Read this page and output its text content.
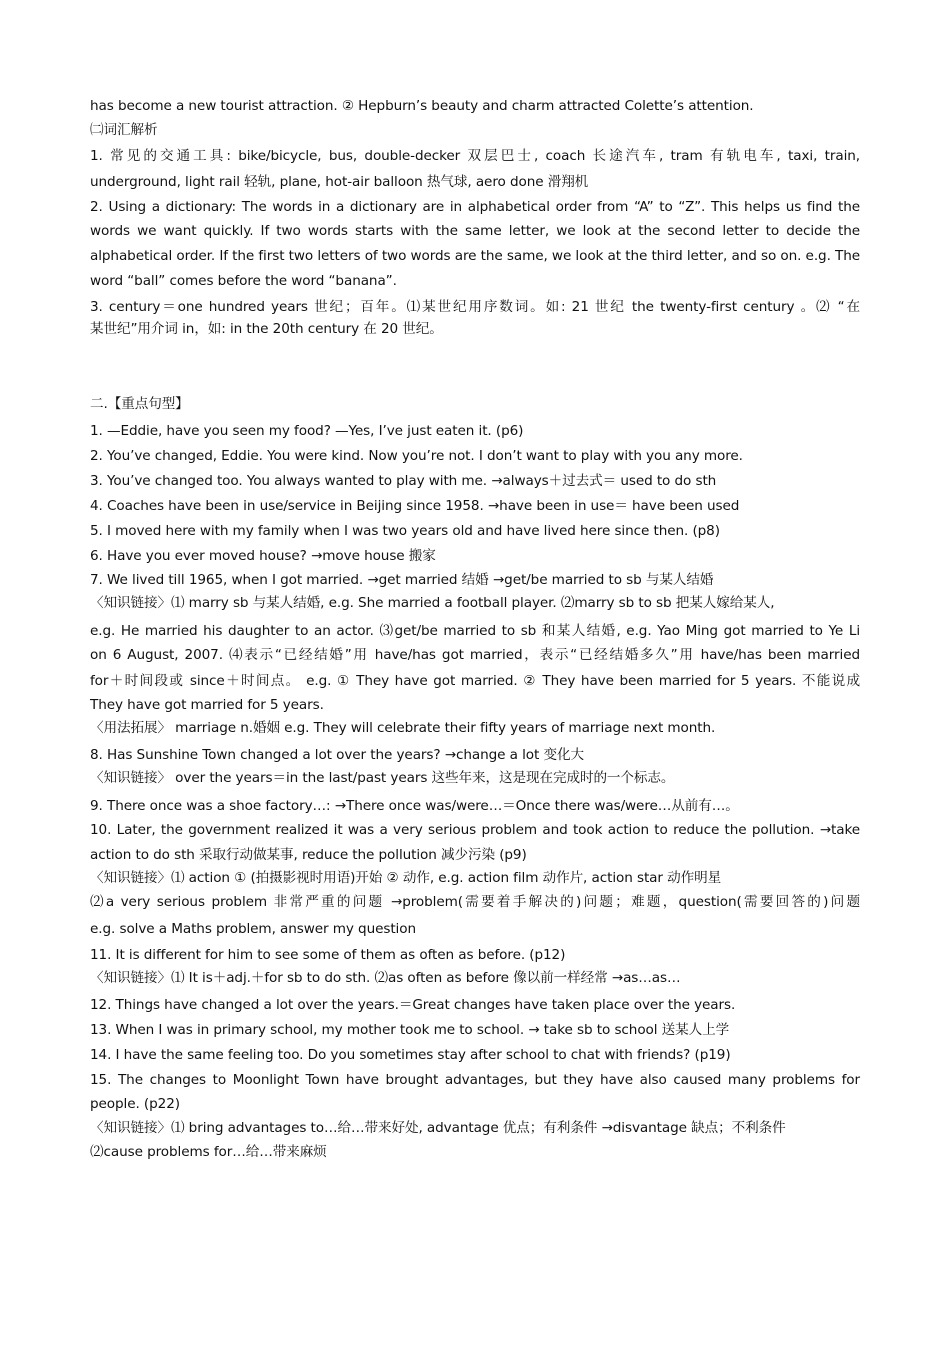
has become a new tourist attraction. ② Hepburn’s beauty and charm attracted Colette’s attention.
㈡词汇解析
1. 常见的交通工具: bike/bicycle, bus, double-decker 双层巴士, coach 长途汽车, tram 有轨电车, taxi, train,
underground, light rail 轻轨, plane, hot-air balloon 热气球, aero done 滑翔机
2. Using a dictionary: The words in a dictionary are in alphabetical order from “A” to “Z”. This helps us find the
words we want quickly. If two words starts with the same letter, we look at the second letter to decide the
alphabetical order. If the first two letters of two words are the same, we look at the third letter, and so on. e.g. The
word “ball” comes before the word “banana”.
3. century＝one hundred years 世纪；百年。⑴某世纪用序数词。如: 21 世纪 the twenty-first century 。⑵ “在
某世纪”用介词 in，如: in the 20th century 在 20 世纪。
二.【重点句型】
1. —Eddie, have you seen my food? —Yes, I’ve just eaten it. (p6)
2. You’ve changed, Eddie. You were kind. Now you’re not. I don’t want to play with you any more.
3. You’ve changed too. You always wanted to play with me. →always＋过去式＝ used to do sth
4. Coaches have been in use/service in Beijing since 1958. →have been in use＝ have been used
5. I moved here with my family when I was two years old and have lived here since then. (p8)
6. Have you ever moved house? →move house 搬家
7. We lived till 1965, when I got married. →get married 结婚 →get/be married to sb 与某人结婚
〈知识链接〉⑴ marry sb 与某人结婚, e.g. She married a football player. ⑵marry sb to sb 把某人嫁给某人,
e.g. He married his daughter to an actor. ⑶get/be married to sb 和某人结婚, e.g. Yao Ming got married to Ye Li
on 6 August, 2007. ⑷表示“已经结婚”用 have/has got married，表示“已经结婚多久”用 have/has been married
for＋时间段或 since＋时间点。 e.g. ① They have got married. ② They have been married for 5 years. 不能说成
They have got married for 5 years.
〈用法拓展〉 marriage n.婚姻 e.g. They will celebrate their fifty years of marriage next month.
8. Has Sunshine Town changed a lot over the years? →change a lot 变化大
〈知识链接〉 over the years＝in the last/past years 这些年来，这是现在完成时的一个标志。
9. There once was a shoe factory…: →There once was/were…＝Once there was/were…从前有…。
10. Later, the government realized it was a very serious problem and took action to reduce the pollution. →take
action to do sth 采取行动做某事, reduce the pollution 减少污染 (p9)
〈知识链接〉⑴ action ① (拍摄影视时用语)开始 ② 动作, e.g. action film 动作片, action star 动作明星
⑵a very serious problem 非常严重的问题 →problem(需要着手解决的)问题；难题，question(需要回答的)问题
e.g. solve a Maths problem, answer my question
11. It is different for him to see some of them as often as before. (p12)
〈知识链接〉⑴ It is＋adj.＋for sb to do sth. ⑵as often as before 像以前一样经常 →as…as…
12. Things have changed a lot over the years.＝Great changes have taken place over the years.
13. When I was in primary school, my mother took me to school. → take sb to school 送某人上学
14. I have the same feeling too. Do you sometimes stay after school to chat with friends? (p19)
15. The changes to Moonlight Town have brought advantages, but they have also caused many problems for
people. (p22)
〈知识链接〉⑴ bring advantages to…给…带来好处, advantage 优点；有利条件 →disvantage 缺点；不利条件
⑵cause problems for…给…带来麻烦
